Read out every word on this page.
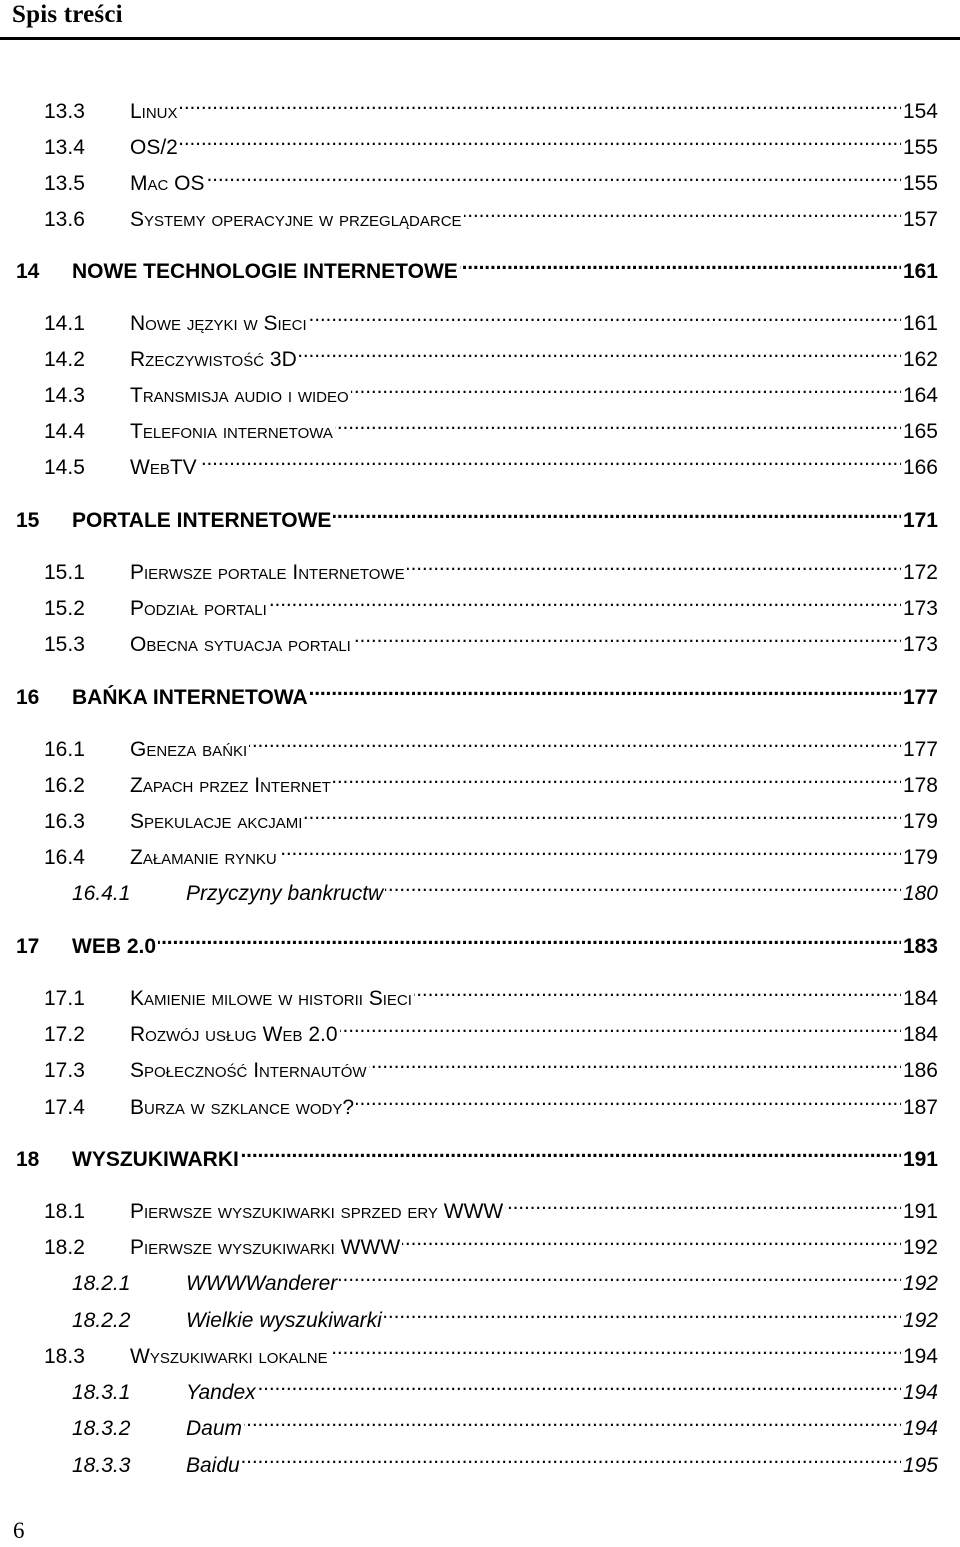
Spis treści
13.3	Linux . . .	154
13.4	OS/2 . . .	155
13.5	Mac OS . . .	155
13.6	Systemy operacyjne w przeglądarce . . .	157
14	NOWE TECHNOLOGIE INTERNETOWE . . .	161
14.1	Nowe języki w Sieci . . .	161
14.2	Rzeczywistość 3D . . .	162
14.3	Transmisja audio i wideo . . .	164
14.4	Telefonia internetowa . . .	165
14.5	WebTV . . .	166
15	PORTALE INTERNETOWE . . .	171
15.1	Pierwsze portale Internetowe . . .	172
15.2	Podział portali . . .	173
15.3	Obecna sytuacja portali . . .	173
16	BAŃKA INTERNETOWA . . .	177
16.1	Geneza bańki . . .	177
16.2	Zapach przez Internet . . .	178
16.3	Spekulacje akcjami . . .	179
16.4	Załamanie rynku . . .	179
16.4.1	Przyczyny bankructw . . .	180
17	WEB 2.0 . . .	183
17.1	Kamienie milowe w historii Sieci . . .	184
17.2	Rozwój usług Web 2.0 . . .	184
17.3	Społeczność Internautów . . .	186
17.4	Burza w szklance wody? . . .	187
18	WYSZUKIWARKI . . .	191
18.1	Pierwsze wyszukiwarki sprzed ery WWW . . .	191
18.2	Pierwsze wyszukiwarki WWW . . .	192
18.2.1	WWWWanderer . . .	192
18.2.2	Wielkie wyszukiwarki . . .	192
18.3	Wyszukiwarki lokalne . . .	194
18.3.1	Yandex . . .	194
18.3.2	Daum . . .	194
18.3.3	Baidu . . .	195
6
